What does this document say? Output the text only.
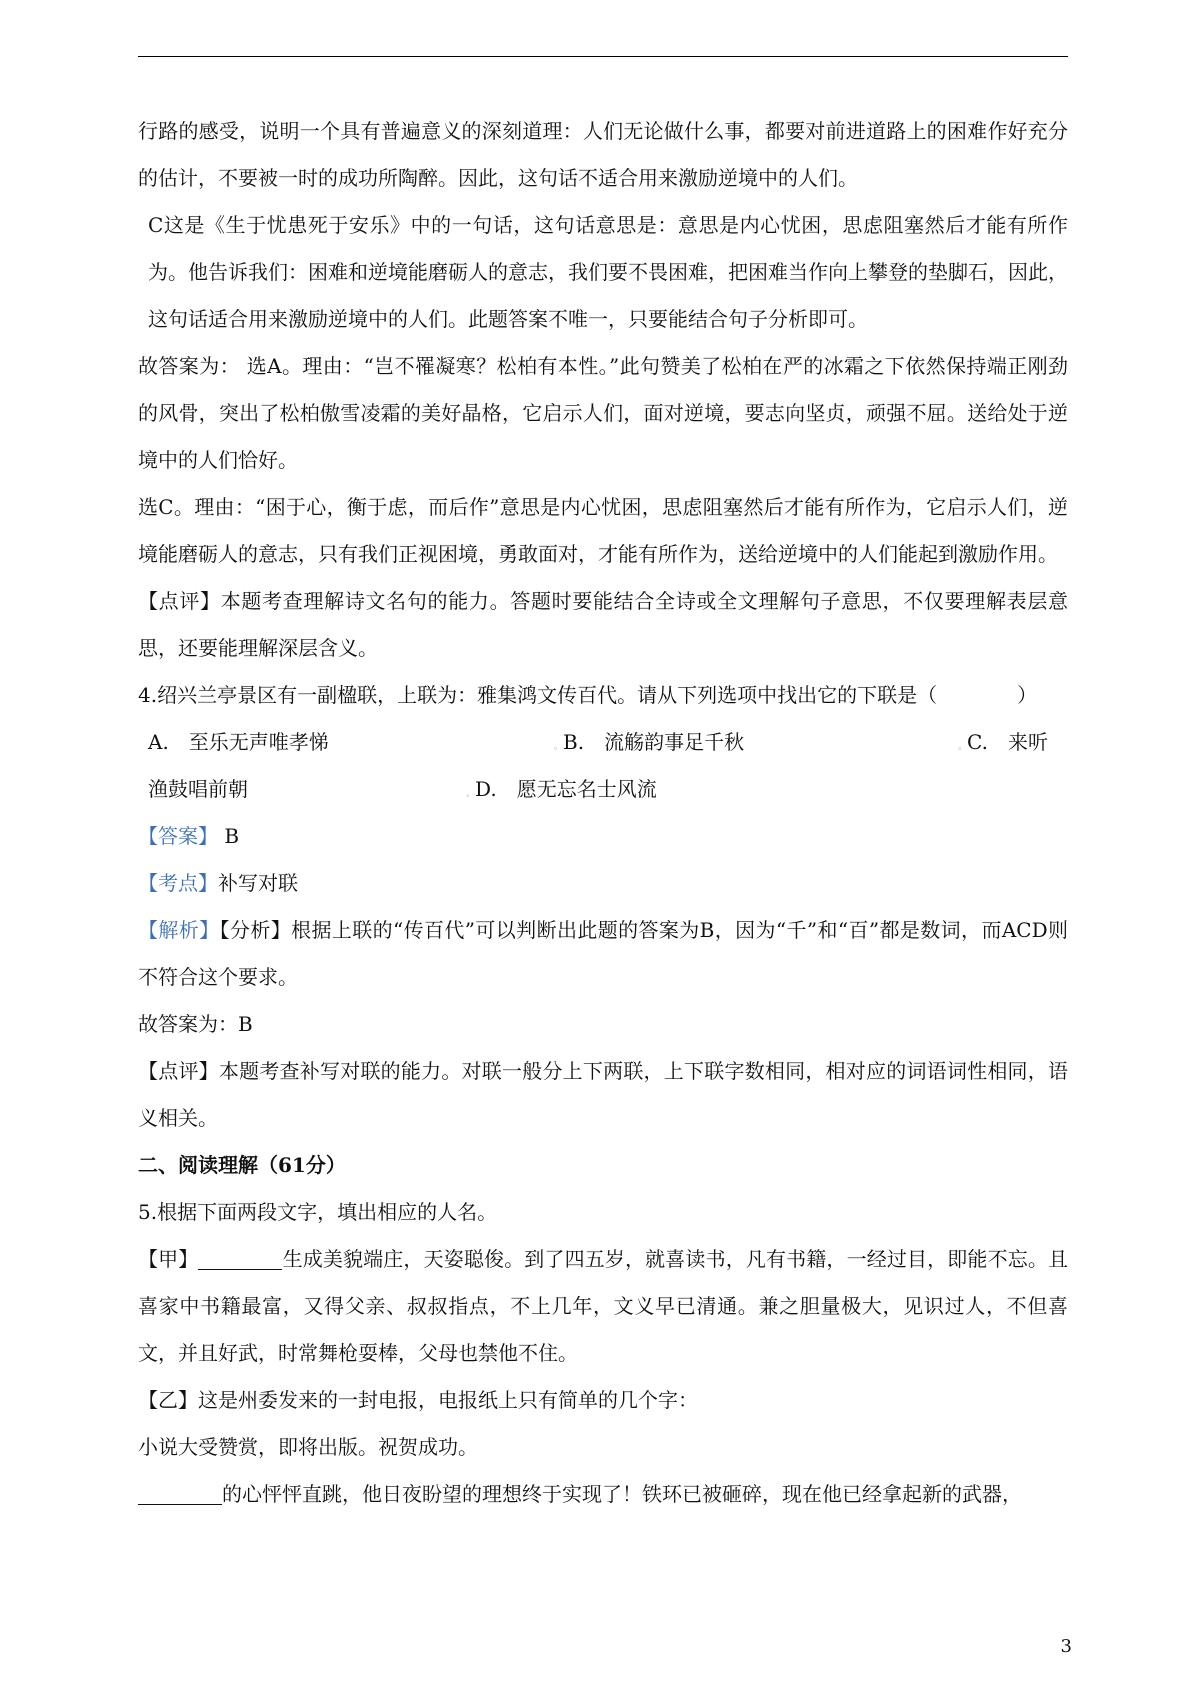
行路的感受，说明一个具有普遍意义的深刻道理：人们无论做什么事，都要对前进道路上的困难作好充分的估计，不要被一时的成功所陶醉。因此，这句话不适合用来激励逆境中的人们。

C这是《生于忧患死于安乐》中的一句话，这句话意思是：意思是内心忧困，思虑阻塞然后才能有所作为。他告诉我们：困难和逆境能磨砺人的意志，我们要不畏困难，把困难当作向上攀登的垫脚石，因此，这句话适合用来激励逆境中的人们。此题答案不唯一，只要能结合句子分析即可。

故答案为： 选A。理由：“岂不罹凝寒？松柏有本性。”此句赞美了松柏在严的冰霜之下依然保持端正刚劲的风骨，突出了松柏傲雪凌霜的美好晶格，它启示人们，面对逆境，要志向坚贞，顽强不屈。送给处于逆境中的人们恰好。

选C。理由：“困于心，衡于虑，而后作”意思是内心忧困，思虑阻塞然后才能有所作为，它启示人们，逆境能磨砺人的意志，只有我们正视困境，勇敢面对，才能有所作为，送给逆境中的人们能起到激励作用。

【点评】本题考查理解诗文名句的能力。答题时要能结合全诗或全文理解句子意思，不仅要理解表层意思，还要能理解深层含义。

4.绍兴兰亭景区有一副楹联，上联为：雅集鸿文传百代。请从下列选项中找出它的下联是（　　　　）

A.　至乐无声唯孝悌	。B.　流觞韵事足千秋	。C.　来听
渔鼓唱前朝	。D.　愿无忘名士风流

【答案】 B

【考点】补写对联

【解析】【分析】根据上联的“传百代”可以判断出此题的答案为B，因为“千”和“百”都是数词，而ACD则不符合这个要求。

故答案为：B

【点评】本题考查补写对联的能力。对联一般分上下两联，上下联字数相同，相对应的词语词性相同，语义相关。

二、阅读理解（61分）

5.根据下面两段文字，填出相应的人名。

【甲】	生成美貌端庄，天姿聪俊。到了四五岁，就喜读书，凡有书籍，一经过目，即能不忘。且喜家中书籍最富，又得父亲、叔叔指点，不上几年，文义早已清通。兼之胆量极大，见识过人，不但喜文，并且好武，时常舞枪耍棒，父母也禁他不住。

【乙】这是州委发来的一封电报，电报纸上只有简单的几个字：

小说大受赞赏，即将出版。祝贺成功。

的心怦怦直跳，他日夜盼望的理想终于实现了！铁环已被砸碎，现在他已经拿起新的武器，

3
